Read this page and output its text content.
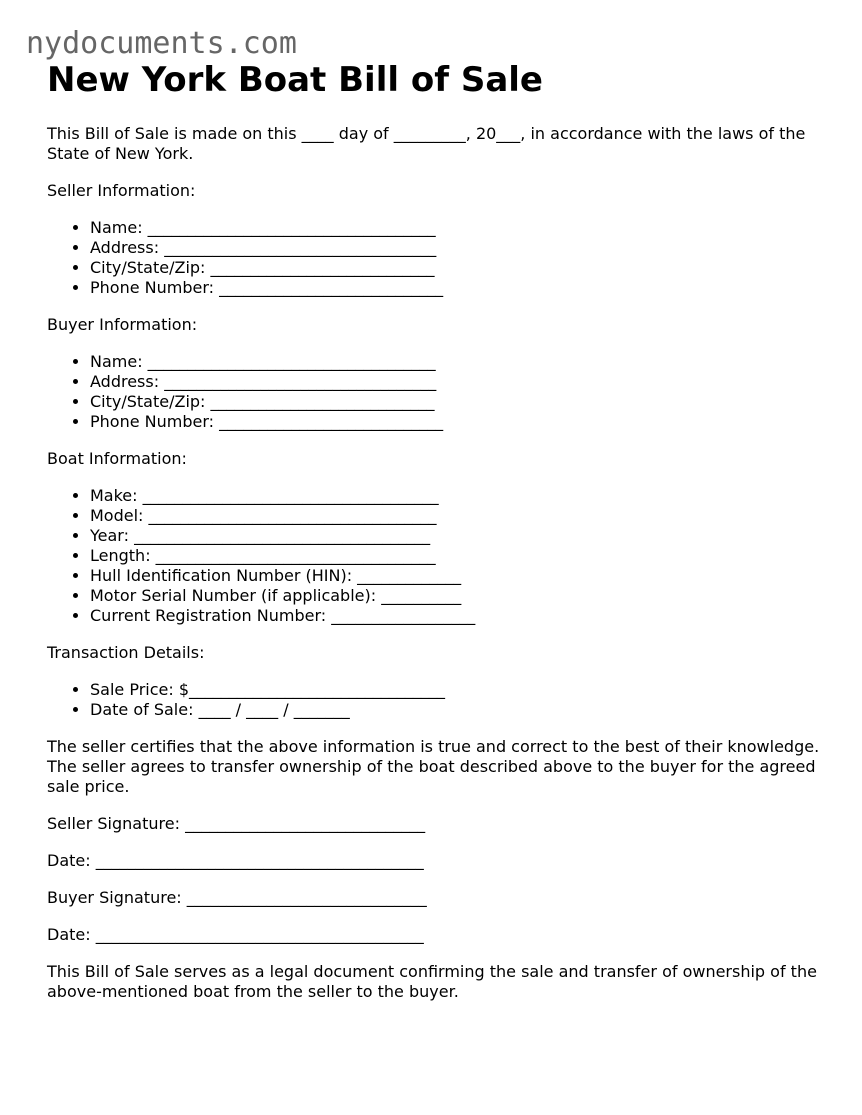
nydocuments.com
New York Boat Bill of Sale

This Bill of Sale is made on this ____ day of _________, 20___, in accordance with the laws of the State of New York.

Seller Information:

• Name: ____________________________________
• Address: __________________________________
• City/State/Zip: ____________________________
• Phone Number: ____________________________

Buyer Information:

• Name: ____________________________________
• Address: __________________________________
• City/State/Zip: ____________________________
• Phone Number: ____________________________

Boat Information:

• Make: _____________________________________
• Model: ____________________________________
• Year: _____________________________________
• Length: ___________________________________
• Hull Identification Number (HIN): _____________
• Motor Serial Number (if applicable): __________
• Current Registration Number: __________________

Transaction Details:

• Sale Price: $________________________________
• Date of Sale: ____ / ____ / _______

The seller certifies that the above information is true and correct to the best of their knowledge. The seller agrees to transfer ownership of the boat described above to the buyer for the agreed sale price.

Seller Signature: ______________________________

Date: _________________________________________

Buyer Signature: ______________________________

Date: _________________________________________

This Bill of Sale serves as a legal document confirming the sale and transfer of ownership of the above-mentioned boat from the seller to the buyer.
